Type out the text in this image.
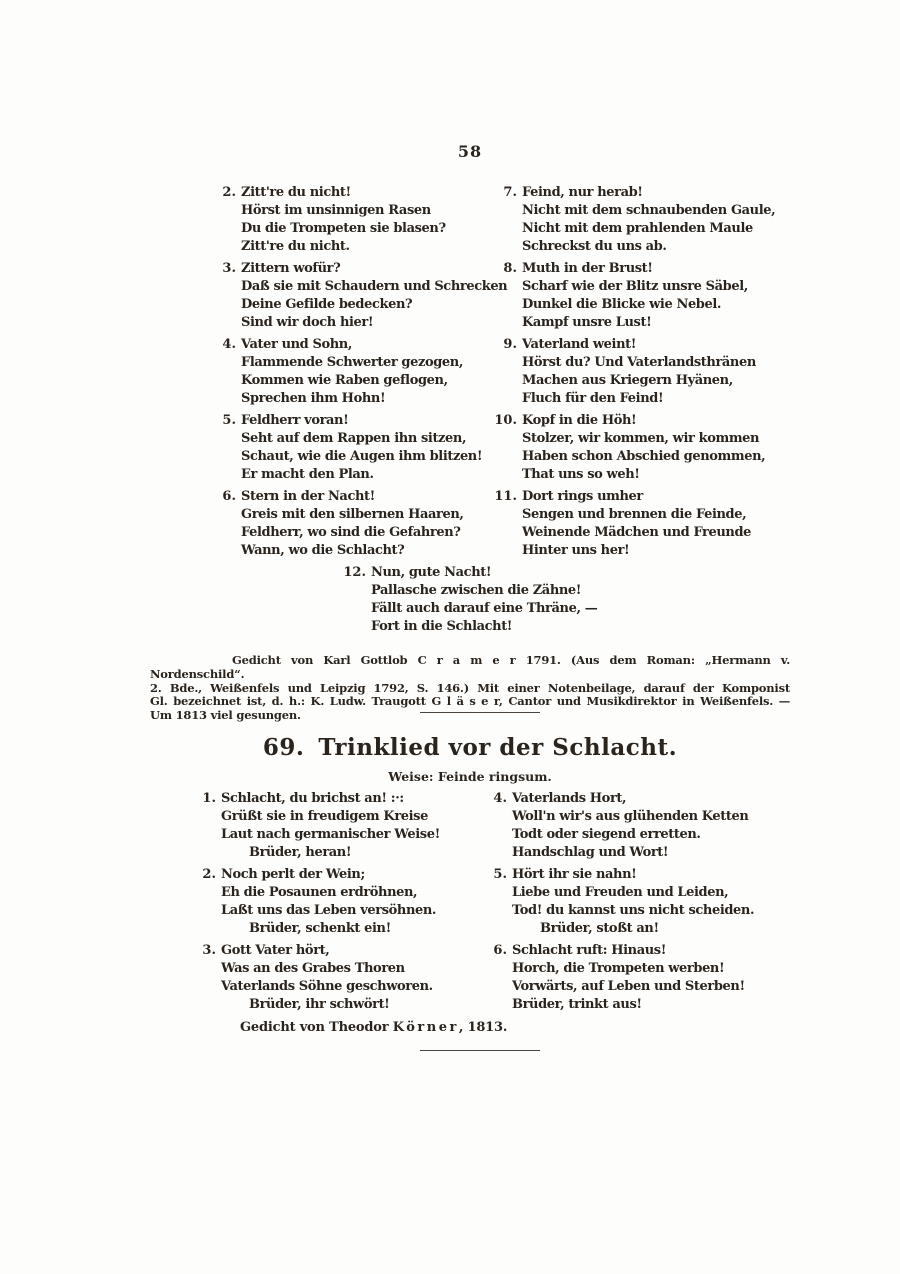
58
2. Zitt're du nicht!
Hörst im unsinnigen Rasen
Du die Trompeten sie blasen?
Zitt're du nicht.
3. Zittern wofür?
Daß sie mit Schaudern und Schrecken
Deine Gefilde bedecken?
Sind wir doch hier!
4. Vater und Sohn,
Flammende Schwerter gezogen,
Kommen wie Raben geflogen,
Sprechen ihm Hohn!
5. Feldherr voran!
Seht auf dem Rappen ihn sitzen,
Schaut, wie die Augen ihm blitzen!
Er macht den Plan.
6. Stern in der Nacht!
Greis mit den silbernen Haaren,
Feldherr, wo sind die Gefahren?
Wann, wo die Schlacht?
7. Feind, nur herab!
Nicht mit dem schnaubenden Gaule,
Nicht mit dem prahlenden Maule
Schreckst du uns ab.
8. Muth in der Brust!
Scharf wie der Blitz unsre Säbel,
Dunkel die Blicke wie Nebel.
Kampf unsre Lust!
9. Vaterland weint!
Hörst du? Und Vaterlandsthränen
Machen aus Kriegern Hyänen,
Fluch für den Feind!
10. Kopf in die Höh!
Stolzer, wir kommen, wir kommen
Haben schon Abschied genommen,
That uns so weh!
11. Dort rings umher
Sengen und brennen die Feinde,
Weinende Mädchen und Freunde
Hinter uns her!
12. Nun, gute Nacht!
Pallasche zwischen die Zähne!
Fällt auch darauf eine Thräne, —
Fort in die Schlacht!
Gedicht von Karl Gottlob C r a m e r 1791. (Aus dem Roman: „Hermann v. Nordenschild“.
2. Bde., Weißenfels und Leipzig 1792, S. 146.) Mit einer Notenbeilage, darauf der Komponist
Gl. bezeichnet ist, d. h.: K. Ludw. Traugott G l ä s e r, Cantor und Musikdirektor in Weißenfels. —
Um 1813 viel gesungen.
69. Trinklied vor der Schlacht.
Weise: Feinde ringsum.
1. Schlacht, du brichst an! :·:
Grüßt sie in freudigem Kreise
Laut nach germanischer Weise!
Brüder, heran!
2. Noch perlt der Wein;
Eh die Posaunen erdröhnen,
Laßt uns das Leben versöhnen.
Brüder, schenkt ein!
3. Gott Vater hört,
Was an des Grabes Thoren
Vaterlands Söhne geschworen.
Brüder, ihr schwört!
4. Vaterlands Hort,
Woll'n wir's aus glühenden Ketten
Todt oder siegend erretten.
Handschlag und Wort!
5. Hört ihr sie nahn!
Liebe und Freuden und Leiden,
Tod! du kannst uns nicht scheiden.
Brüder, stoßt an!
6. Schlacht ruft: Hinaus!
Horch, die Trompeten werben!
Vorwärts, auf Leben und Sterben!
Brüder, trinkt aus!
Gedicht von Theodor Körner, 1813.
